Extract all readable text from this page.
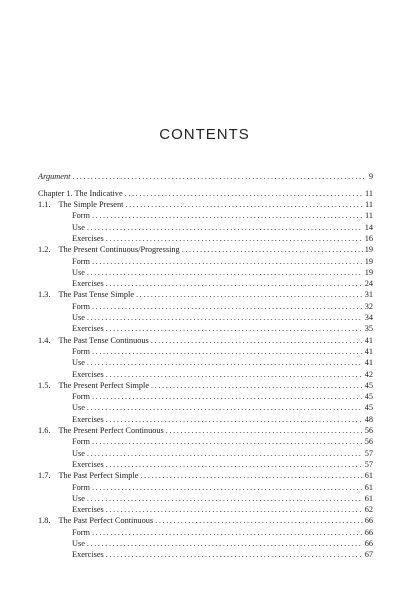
CONTENTS
Argument .....	9
Chapter 1. The Indicative .....	11
1.1. The Simple Present .....	11
Form .....	11
Use .....	14
Exercises .....	16
1.2. The Present Continuous/Progressing .....	19
Form .....	19
Use .....	19
Exercises .....	24
1.3. The Past Tense Simple .....	31
Form .....	32
Use .....	34
Exercises .....	35
1.4. The Past Tense Continuous .....	41
Form .....	41
Use .....	41
Exercises .....	42
1.5. The Present Perfect Simple .....	45
Form .....	45
Use .....	45
Exercises .....	48
1.6. The Present Perfect Continuous .....	56
Form .....	56
Use .....	57
Exercises .....	57
1.7. The Past Perfect Simple .....	61
Form .....	61
Use .....	61
Exercises .....	62
1.8. The Past Perfect Continuous .....	66
Form .....	66
Use .....	66
Exercises .....	67
